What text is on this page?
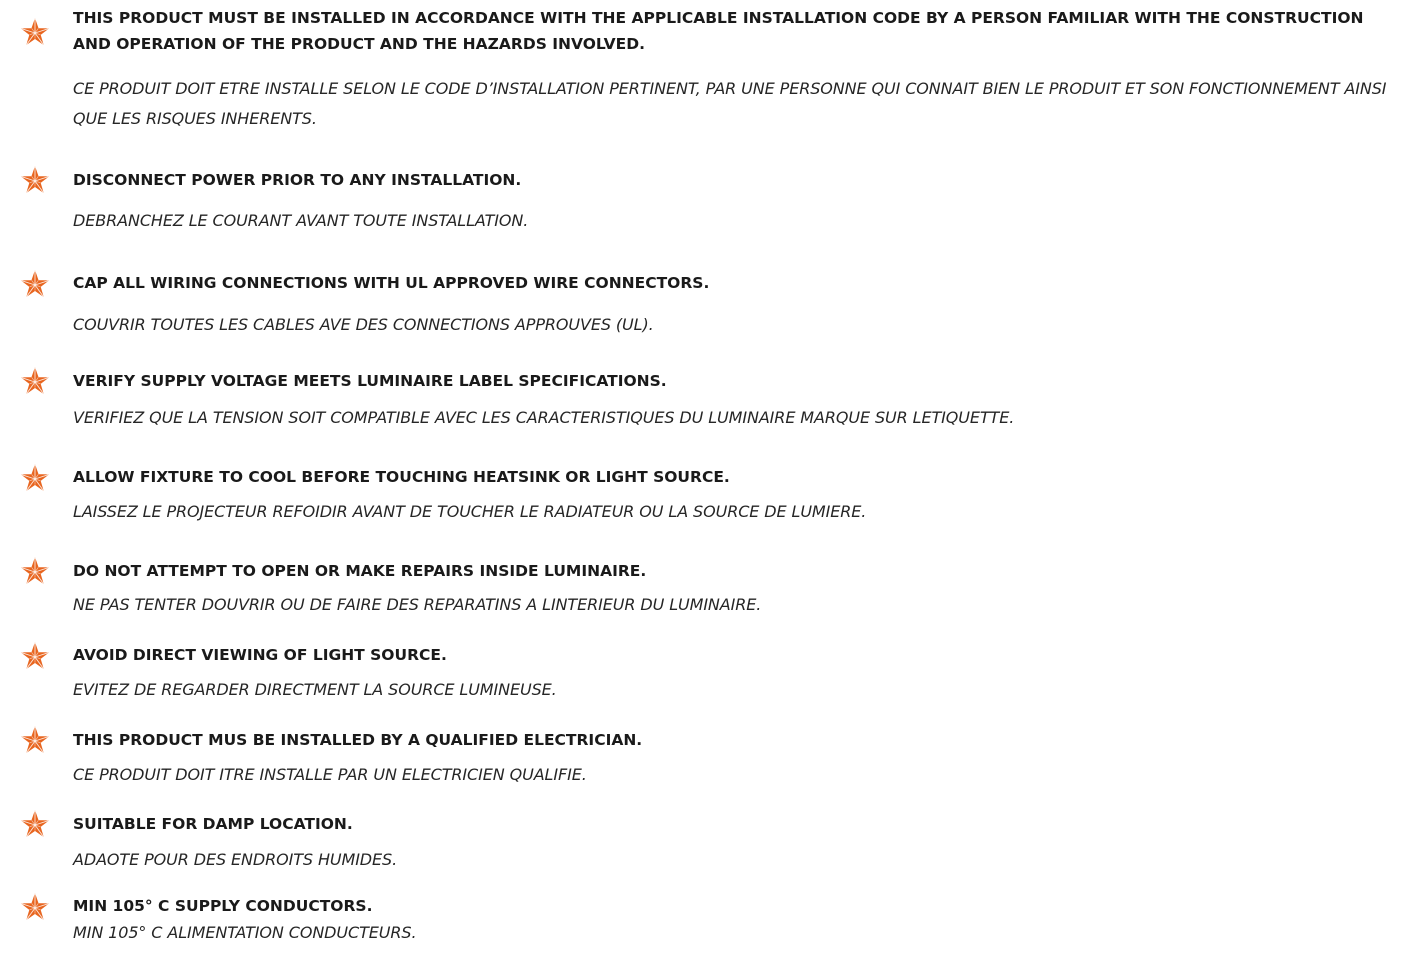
THIS PRODUCT MUST BE INSTALLED IN ACCORDANCE WITH THE APPLICABLE INSTALLATION CODE BY A PERSON FAMILIAR WITH THE CONSTRUCTION AND OPERATION OF THE PRODUCT AND THE HAZARDS INVOLVED.
CE PRODUIT DOIT ETRE INSTALLE SELON LE CODE D’INSTALLATION PERTINENT, PAR UNE PERSONNE QUI CONNAIT BIEN LE PRODUIT ET SON FONCTIONNEMENT AINSI QUE LES RISQUES INHERENTS.
DISCONNECT POWER PRIOR TO ANY INSTALLATION.
DEBRANCHEZ LE COURANT AVANT TOUTE INSTALLATION.
CAP ALL WIRING CONNECTIONS WITH UL APPROVED WIRE CONNECTORS.
COUVRIR TOUTES LES CABLES AVE DES CONNECTIONS APPROUVES (UL).
VERIFY SUPPLY VOLTAGE MEETS LUMINAIRE LABEL SPECIFICATIONS.
VERIFIEZ QUE LA TENSION SOIT COMPATIBLE AVEC LES CARACTERISTIQUES DU LUMINAIRE MARQUE SUR LETIQUETTE.
ALLOW FIXTURE TO COOL BEFORE TOUCHING HEATSINK OR LIGHT SOURCE.
LAISSEZ LE PROJECTEUR REFOIDIR AVANT DE TOUCHER LE RADIATEUR OU LA SOURCE DE LUMIERE.
DO NOT ATTEMPT TO OPEN OR MAKE REPAIRS INSIDE LUMINAIRE.
NE PAS TENTER DOUVRIR OU DE FAIRE DES REPARATINS A LINTERIEUR DU LUMINAIRE.
AVOID DIRECT VIEWING OF LIGHT SOURCE.
EVITEZ DE REGARDER DIRECTMENT LA SOURCE LUMINEUSE.
THIS PRODUCT MUS BE INSTALLED BY A QUALIFIED ELECTRICIAN.
CE PRODUIT DOIT ITRE INSTALLE PAR UN ELECTRICIEN QUALIFIE.
SUITABLE FOR DAMP LOCATION.
ADAOTE POUR DES ENDROITS HUMIDES.
MIN 105° C SUPPLY CONDUCTORS.
MIN 105° C ALIMENTATION CONDUCTEURS.
